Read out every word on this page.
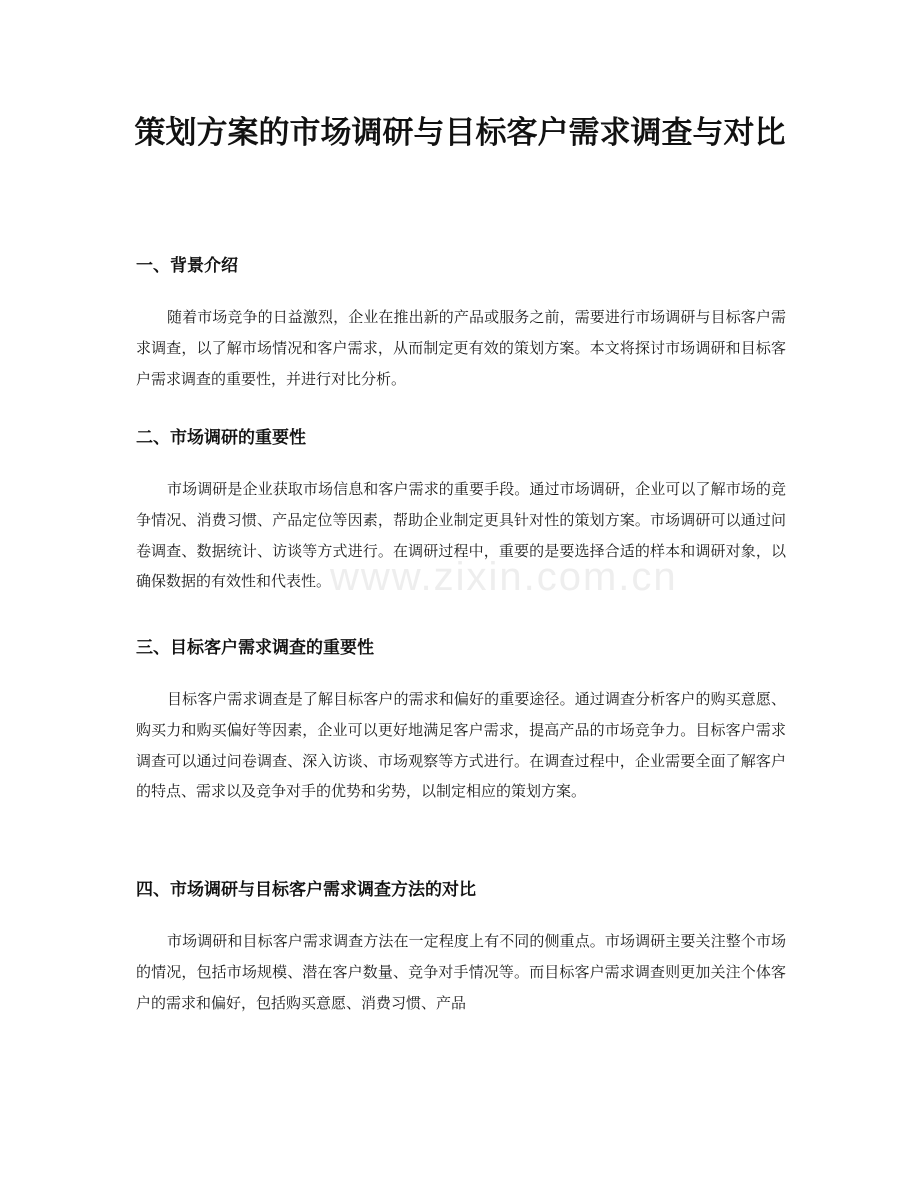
www.zixin.com.cn
策划方案的市场调研与目标客户需求调查与对比
一、背景介绍

随着市场竞争的日益激烈，企业在推出新的产品或服务之前，需要进行市场调研与目标客户需求调查，以了解市场情况和客户需求，从而制定更有效的策划方案。本文将探讨市场调研和目标客户需求调查的重要性，并进行对比分析。

二、市场调研的重要性

市场调研是企业获取市场信息和客户需求的重要手段。通过市场调研，企业可以了解市场的竞争情况、消费习惯、产品定位等因素，帮助企业制定更具针对性的策划方案。市场调研可以通过问卷调查、数据统计、访谈等方式进行。在调研过程中，重要的是要选择合适的样本和调研对象，以确保数据的有效性和代表性。

三、目标客户需求调查的重要性

目标客户需求调查是了解目标客户的需求和偏好的重要途径。通过调查分析客户的购买意愿、购买力和购买偏好等因素，企业可以更好地满足客户需求，提高产品的市场竞争力。目标客户需求调查可以通过问卷调查、深入访谈、市场观察等方式进行。在调查过程中，企业需要全面了解客户的特点、需求以及竞争对手的优势和劣势，以制定相应的策划方案。

四、市场调研与目标客户需求调查方法的对比

市场调研和目标客户需求调查方法在一定程度上有不同的侧重点。市场调研主要关注整个市场的情况，包括市场规模、潜在客户数量、竞争对手情况等。而目标客户需求调查则更加关注个体客户的需求和偏好，包括购买意愿、消费习惯、产品
